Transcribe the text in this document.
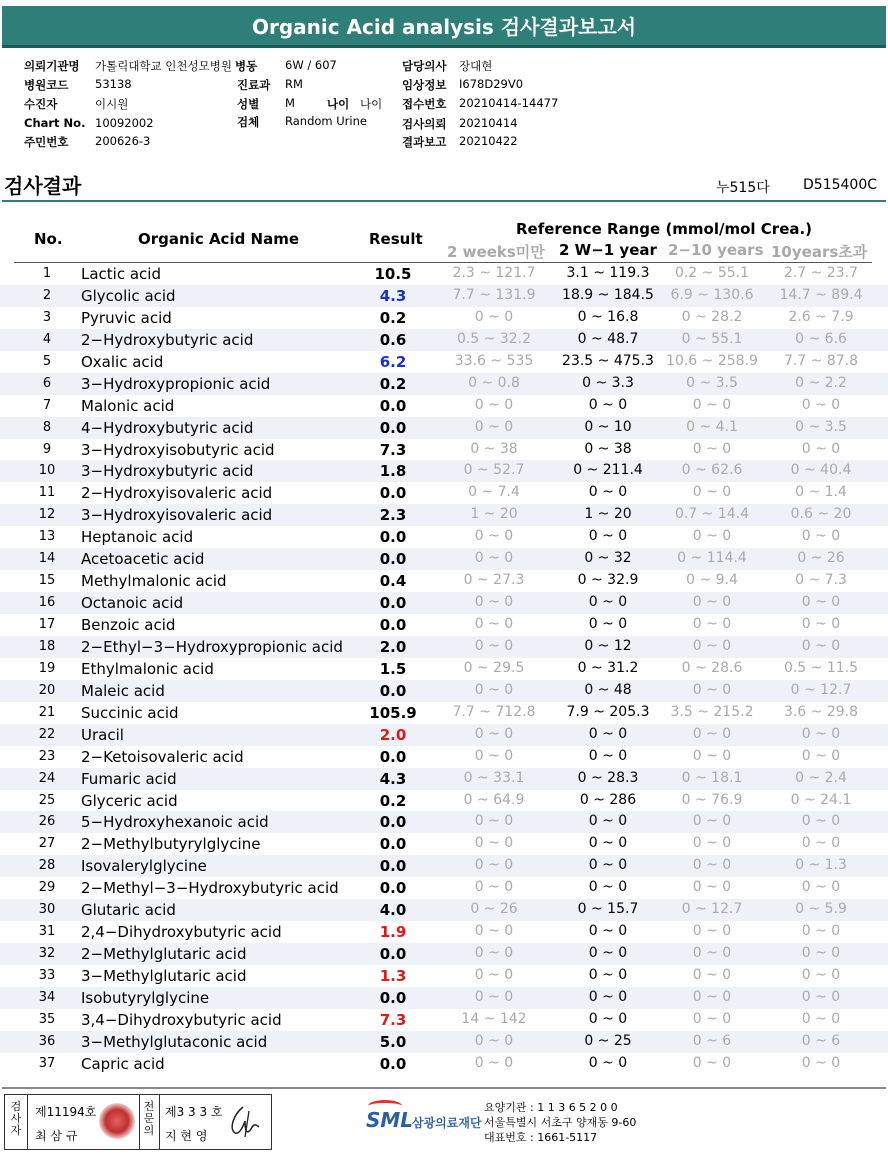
Organic Acid analysis 검사결과보고서
의뢰기관명 가톨릭대학교 인천성모병원
병원코드 53138
수진자	이시원
Chart No. 10092002
주민번호 200626-3
병동 6W / 607
진료과 RM
성별 M	나이 나이
검체 Random Urine
담당의사 장대현
임상정보 I678D29V0
접수번호 20210414-14477
검사의뢰 20210414
결과보고 20210422
검사결과	누515다 D515400C
No.	Organic Acid Name	Result
Reference Range (mmol/mol Crea.)
2 weeks미만 2 W−1 year 2−10 years 10years초과
1	Lactic acid	10.5	2.3 ~ 121.7	3.1 ~ 119.3	0.2 ~ 55.1	2.7 ~ 23.7
2	Glycolic acid	4.3	7.7 ~ 131.9	18.9 ~ 184.5	6.9 ~ 130.6	14.7 ~ 89.4
3	Pyruvic acid	0.2	0 ~ 0	0 ~ 16.8	0 ~ 28.2	2.6 ~ 7.9
4	2−Hydroxybutyric acid	0.6	0.5 ~ 32.2	0 ~ 48.7	0 ~ 55.1	0 ~ 6.6
5	Oxalic acid	6.2	33.6 ~ 535	23.5 ~ 475.3 10.6 ~ 258.9	7.7 ~ 87.8
6	3−Hydroxypropionic acid	0.2	0 ~ 0.8	0 ~ 3.3	0 ~ 3.5	0 ~ 2.2
7	Malonic acid	0.0	0 ~ 0	0 ~ 0	0 ~ 0	0 ~ 0
8	4−Hydroxybutyric acid	0.0	0 ~ 0	0 ~ 10	0 ~ 4.1	0 ~ 3.5
9	3−Hydroxyisobutyric acid	7.3	0 ~ 38	0 ~ 38	0 ~ 0	0 ~ 0
10	3−Hydroxybutyric acid	1.8	0 ~ 52.7	0 ~ 211.4	0 ~ 62.6	0 ~ 40.4
11	2−Hydroxyisovaleric acid	0.0	0 ~ 7.4	0 ~ 0	0 ~ 0	0 ~ 1.4
12	3−Hydroxyisovaleric acid	2.3	1 ~ 20	1 ~ 20	0.7 ~ 14.4	0.6 ~ 20
13	Heptanoic acid	0.0	0 ~ 0	0 ~ 0	0 ~ 0	0 ~ 0
14	Acetoacetic acid	0.0	0 ~ 0	0 ~ 32	0 ~ 114.4	0 ~ 26
15	Methylmalonic acid	0.4	0 ~ 27.3	0 ~ 32.9	0 ~ 9.4	0 ~ 7.3
16	Octanoic acid	0.0	0 ~ 0	0 ~ 0	0 ~ 0	0 ~ 0
17	Benzoic acid	0.0	0 ~ 0	0 ~ 0	0 ~ 0	0 ~ 0
18	2−Ethyl−3−Hydroxypropionic acid	2.0	0 ~ 0	0 ~ 12	0 ~ 0	0 ~ 0
19	Ethylmalonic acid	1.5	0 ~ 29.5	0 ~ 31.2	0 ~ 28.6	0.5 ~ 11.5
20	Maleic acid	0.0	0 ~ 0	0 ~ 48	0 ~ 0	0 ~ 12.7
21	Succinic acid	105.9	7.7 ~ 712.8	7.9 ~ 205.3	3.5 ~ 215.2	3.6 ~ 29.8
22	Uracil	2.0	0 ~ 0	0 ~ 0	0 ~ 0	0 ~ 0
23	2−Ketoisovaleric acid	0.0	0 ~ 0	0 ~ 0	0 ~ 0	0 ~ 0
24	Fumaric acid	4.3	0 ~ 33.1	0 ~ 28.3	0 ~ 18.1	0 ~ 2.4
25	Glyceric acid	0.2	0 ~ 64.9	0 ~ 286	0 ~ 76.9	0 ~ 24.1
26	5−Hydroxyhexanoic acid	0.0	0 ~ 0	0 ~ 0	0 ~ 0	0 ~ 0
27	2−Methylbutyrylglycine	0.0	0 ~ 0	0 ~ 0	0 ~ 0	0 ~ 0
28	Isovalerylglycine	0.0	0 ~ 0	0 ~ 0	0 ~ 0	0 ~ 1.3
29	2−Methyl−3−Hydroxybutyric acid	0.0	0 ~ 0	0 ~ 0	0 ~ 0	0 ~ 0
30	Glutaric acid	4.0	0 ~ 26	0 ~ 15.7	0 ~ 12.7	0 ~ 5.9
31	2,4−Dihydroxybutyric acid	1.9	0 ~ 0	0 ~ 0	0 ~ 0	0 ~ 0
32	2−Methylglutaric acid	0.0	0 ~ 0	0 ~ 0	0 ~ 0	0 ~ 0
33	3−Methylglutaric acid	1.3	0 ~ 0	0 ~ 0	0 ~ 0	0 ~ 0
34	Isobutyrylglycine	0.0	0 ~ 0	0 ~ 0	0 ~ 0	0 ~ 0
35	3,4−Dihydroxybutyric acid	7.3	14 ~ 142	0 ~ 0	0 ~ 0	0 ~ 0
36	3−Methylglutaconic acid	5.0	0 ~ 0	0 ~ 25	0 ~ 6	0 ~ 6
37	Capric acid	0.0	0 ~ 0	0 ~ 0	0 ~ 0	0 ~ 0
검사자
제11194호
최 삼 규
전문의
제3 3 3 호
지 현 영
SML
삼광의료재단
요양기관 : 1 1 3 6 5 2 0 0
서울특별시 서초구 양재동 9-60
대표번호 : 1661-5117
